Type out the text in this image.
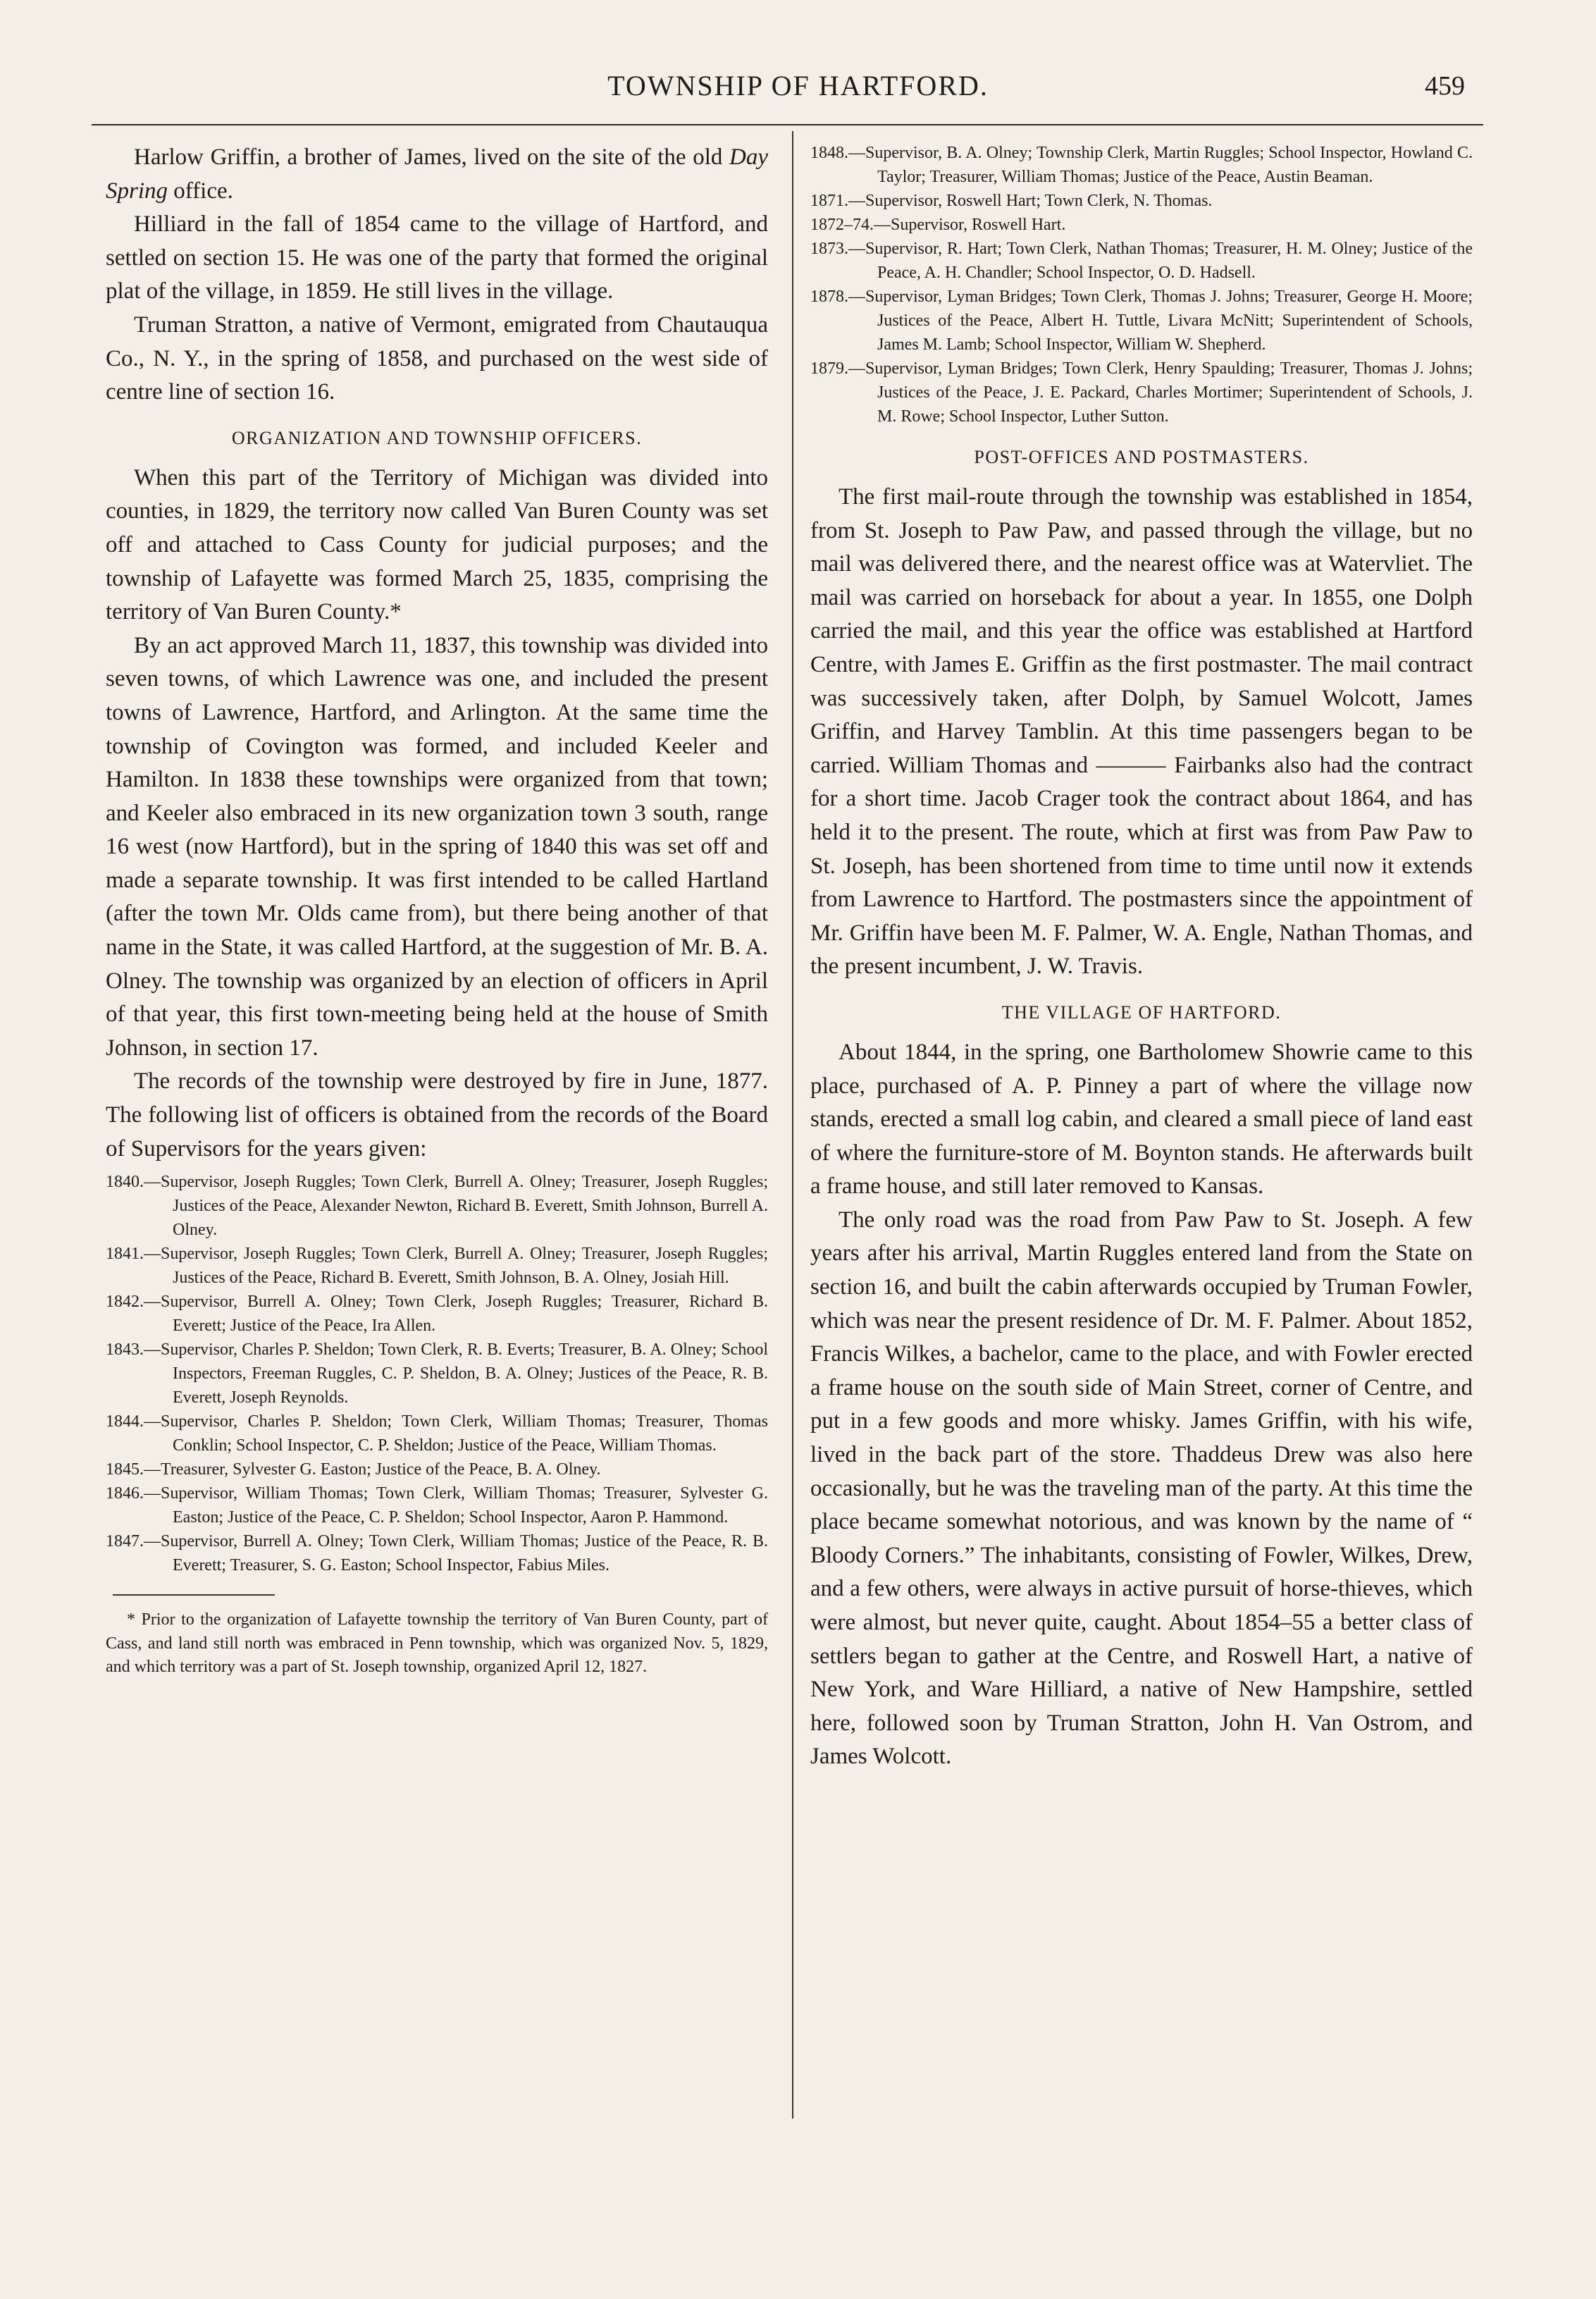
TOWNSHIP OF HARTFORD.	459

Harlow Griffin, a brother of James, lived on the site of the old Day Spring office.

Hilliard in the fall of 1854 came to the village of Hartford, and settled on section 15. He was one of the party that formed the original plat of the village, in 1859. He still lives in the village.

Truman Stratton, a native of Vermont, emigrated from Chautauqua Co., N. Y., in the spring of 1858, and purchased on the west side of centre line of section 16.

ORGANIZATION AND TOWNSHIP OFFICERS.

When this part of the Territory of Michigan was divided into counties, in 1829, the territory now called Van Buren County was set off and attached to Cass County for judicial purposes; and the township of Lafayette was formed March 25, 1835, comprising the territory of Van Buren County.*

By an act approved March 11, 1837, this township was divided into seven towns, of which Lawrence was one, and included the present towns of Lawrence, Hartford, and Arlington. At the same time the township of Covington was formed, and included Keeler and Hamilton. In 1838 these townships were organized from that town; and Keeler also embraced in its new organization town 3 south, range 16 west (now Hartford), but in the spring of 1840 this was set off and made a separate township. It was first intended to be called Hartland (after the town Mr. Olds came from), but there being another of that name in the State, it was called Hartford, at the suggestion of Mr. B. A. Olney. The township was organized by an election of officers in April of that year, this first town-meeting being held at the house of Smith Johnson, in section 17.

The records of the township were destroyed by fire in June, 1877. The following list of officers is obtained from the records of the Board of Supervisors for the years given:

1840.—Supervisor, Joseph Ruggles; Town Clerk, Burrell A. Olney; Treasurer, Joseph Ruggles; Justices of the Peace, Alexander Newton, Richard B. Everett, Smith Johnson, Burrell A. Olney.
1841.—Supervisor, Joseph Ruggles; Town Clerk, Burrell A. Olney; Treasurer, Joseph Ruggles; Justices of the Peace, Richard B. Everett, Smith Johnson, B. A. Olney, Josiah Hill.
1842.—Supervisor, Burrell A. Olney; Town Clerk, Joseph Ruggles; Treasurer, Richard B. Everett; Justice of the Peace, Ira Allen.
1843.—Supervisor, Charles P. Sheldon; Town Clerk, R. B. Everts; Treasurer, B. A. Olney; School Inspectors, Freeman Ruggles, C. P. Sheldon, B. A. Olney; Justices of the Peace, R. B. Everett, Joseph Reynolds.
1844.—Supervisor, Charles P. Sheldon; Town Clerk, William Thomas; Treasurer, Thomas Conklin; School Inspector, C. P. Sheldon; Justice of the Peace, William Thomas.
1845.—Treasurer, Sylvester G. Easton; Justice of the Peace, B. A. Olney.
1846.—Supervisor, William Thomas; Town Clerk, William Thomas; Treasurer, Sylvester G. Easton; Justice of the Peace, C. P. Sheldon; School Inspector, Aaron P. Hammond.
1847.—Supervisor, Burrell A. Olney; Town Clerk, William Thomas; Justice of the Peace, R. B. Everett; Treasurer, S. G. Easton; School Inspector, Fabius Miles.
* Prior to the organization of Lafayette township the territory of Van Buren County, part of Cass, and land still north was embraced in Penn township, which was organized Nov. 5, 1829, and which territory was a part of St. Joseph township, organized April 12, 1827.
1848.—Supervisor, B. A. Olney; Township Clerk, Martin Ruggles; School Inspector, Howland C. Taylor; Treasurer, William Thomas; Justice of the Peace, Austin Beaman.
1871.—Supervisor, Roswell Hart; Town Clerk, N. Thomas.
1872–74.—Supervisor, Roswell Hart.
1873.—Supervisor, R. Hart; Town Clerk, Nathan Thomas; Treasurer, H. M. Olney; Justice of the Peace, A. H. Chandler; School Inspector, O. D. Hadsell.
1878.—Supervisor, Lyman Bridges; Town Clerk, Thomas J. Johns; Treasurer, George H. Moore; Justices of the Peace, Albert H. Tuttle, Livara McNitt; Superintendent of Schools, James M. Lamb; School Inspector, William W. Shepherd.
1879.—Supervisor, Lyman Bridges; Town Clerk, Henry Spaulding; Treasurer, Thomas J. Johns; Justices of the Peace, J. E. Packard, Charles Mortimer; Superintendent of Schools, J. M. Rowe; School Inspector, Luther Sutton.
POST-OFFICES AND POSTMASTERS.

The first mail-route through the township was established in 1854, from St. Joseph to Paw Paw, and passed through the village, but no mail was delivered there, and the nearest office was at Watervliet. The mail was carried on horseback for about a year. In 1855, one Dolph carried the mail, and this year the office was established at Hartford Centre, with James E. Griffin as the first postmaster. The mail contract was successively taken, after Dolph, by Samuel Wolcott, James Griffin, and Harvey Tamblin. At this time passengers began to be carried. William Thomas and ——— Fairbanks also had the contract for a short time. Jacob Crager took the contract about 1864, and has held it to the present. The route, which at first was from Paw Paw to St. Joseph, has been shortened from time to time until now it extends from Lawrence to Hartford. The postmasters since the appointment of Mr. Griffin have been M. F. Palmer, W. A. Engle, Nathan Thomas, and the present incumbent, J. W. Travis.

THE VILLAGE OF HARTFORD.

About 1844, in the spring, one Bartholomew Showrie came to this place, purchased of A. P. Pinney a part of where the village now stands, erected a small log cabin, and cleared a small piece of land east of where the furniture-store of M. Boynton stands. He afterwards built a frame house, and still later removed to Kansas.

The only road was the road from Paw Paw to St. Joseph. A few years after his arrival, Martin Ruggles entered land from the State on section 16, and built the cabin afterwards occupied by Truman Fowler, which was near the present residence of Dr. M. F. Palmer. About 1852, Francis Wilkes, a bachelor, came to the place, and with Fowler erected a frame house on the south side of Main Street, corner of Centre, and put in a few goods and more whisky. James Griffin, with his wife, lived in the back part of the store. Thaddeus Drew was also here occasionally, but he was the traveling man of the party. At this time the place became somewhat notorious, and was known by the name of “ Bloody Corners.” The inhabitants, consisting of Fowler, Wilkes, Drew, and a few others, were always in active pursuit of horse-thieves, which were almost, but never quite, caught. About 1854–55 a better class of settlers began to gather at the Centre, and Roswell Hart, a native of New York, and Ware Hilliard, a native of New Hampshire, settled here, followed soon by Truman Stratton, John H. Van Ostrom, and James Wolcott.
